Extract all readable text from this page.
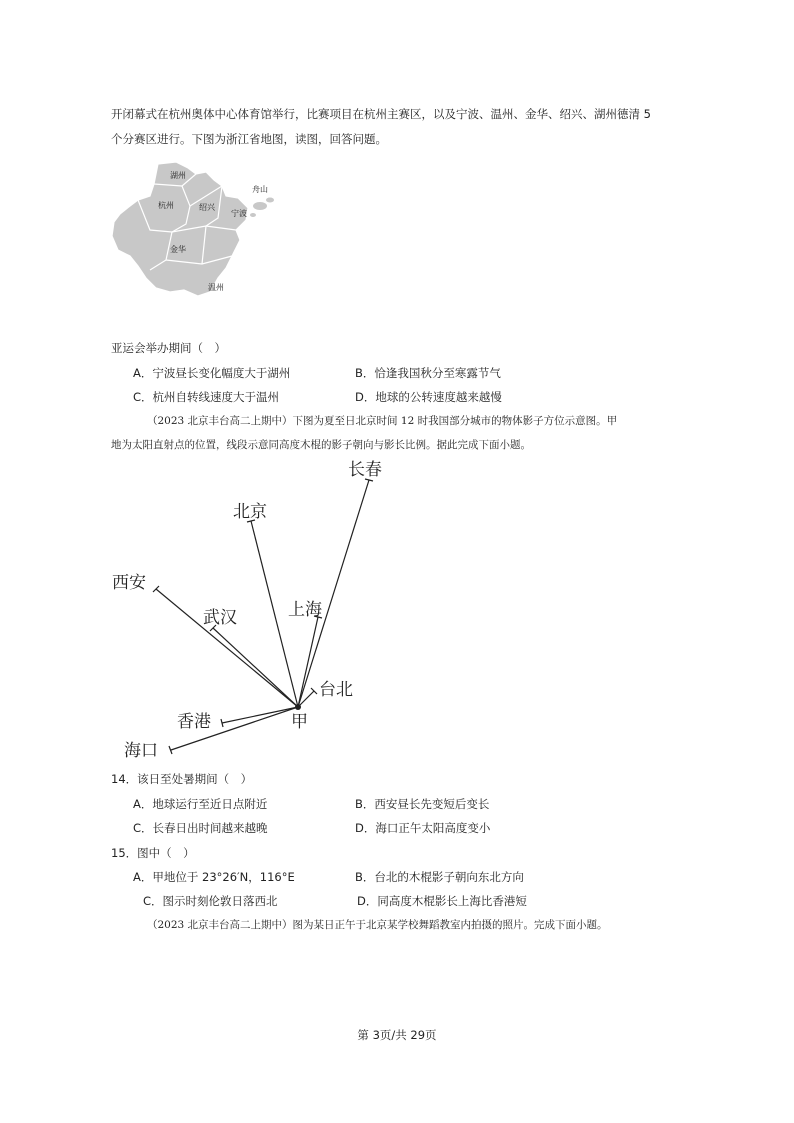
开闭幕式在杭州奥体中心体育馆举行，比赛项目在杭州主赛区，以及宁波、温州、金华、绍兴、湖州德清 5
个分赛区进行。下图为浙江省地图，读图，回答问题。
湖州
杭州	绍兴
宁波
舟山
金华
温州
亚运会举办期间（　）
A．宁波昼长变化幅度大于湖州	B．恰逢我国秋分至寒露节气
C．杭州自转线速度大于温州	D．地球的公转速度越来越慢
（2023 北京丰台高二上期中）下图为夏至日北京时间 12 时我国部分城市的物体影子方位示意图。甲
地为太阳直射点的位置，线段示意同高度木棍的影子朝向与影长比例。据此完成下面小题。
长春
北京
西安
武汉	上海
台北
香港
海口
甲
14．该日至处暑期间（　）
A．地球运行至近日点附近	B．西安昼长先变短后变长
C．长春日出时间越来越晚	D．海口正午太阳高度变小
15．图中（　）
A．甲地位于 23°26′N，116°E	B．台北的木棍影子朝向东北方向
C．图示时刻伦敦日落西北	D．同高度木棍影长上海比香港短
（2023 北京丰台高二上期中）图为某日正午于北京某学校舞蹈教室内拍摄的照片。完成下面小题。
第 3页/共 29页
